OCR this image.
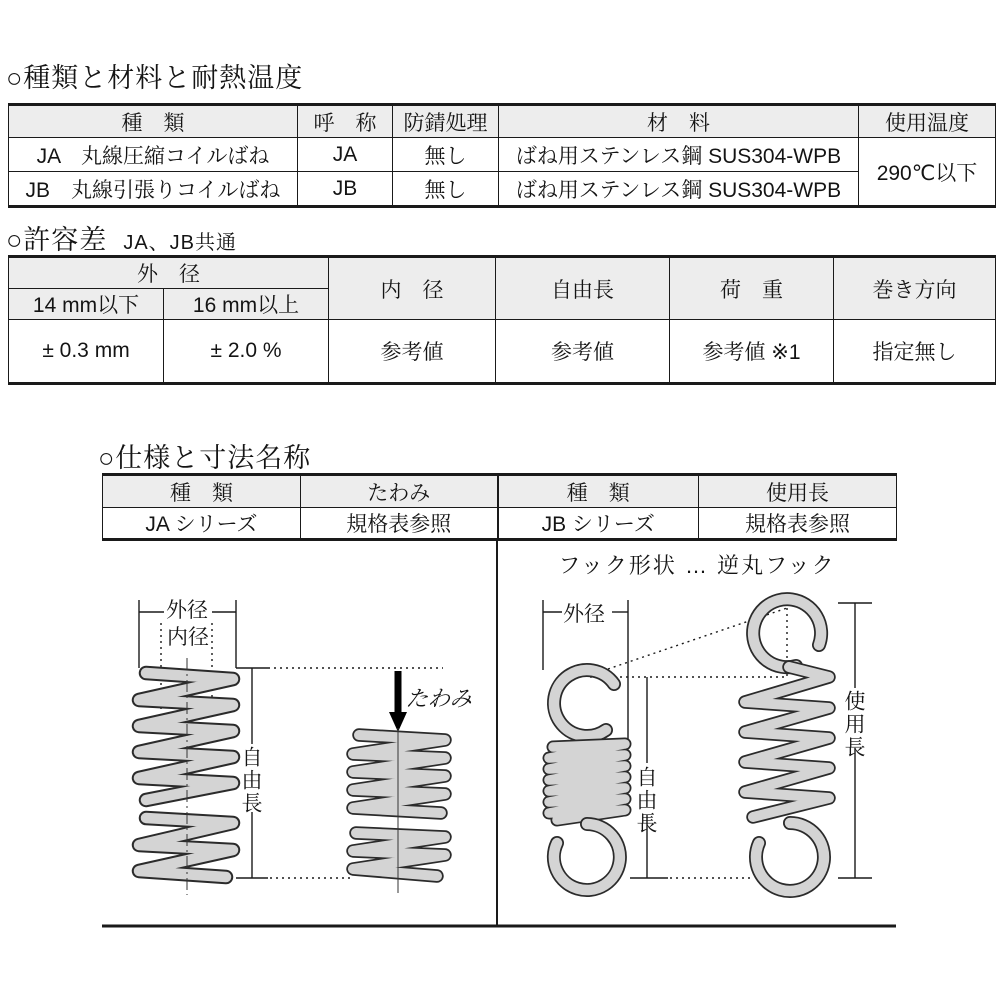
○種類と材料と耐熱温度
種　類	呼　称	防錆処理	材　料	使用温度
JA　丸線圧縮コイルばね	JA	無し	ばね用ステンレス鋼 SUS304-WPB	290℃以下
JB　丸線引張りコイルばね	JB	無し	ばね用ステンレス鋼 SUS304-WPB	
○許容差 JA、JB共通
外　径		内　径	自由長	荷　重	巻き方向
14 mm以下	16 mm以上				
± 0.3 mm	± 2.0 %	参考値	参考値	参考値 ※1	指定無し
○仕様と寸法名称
種　類	たわみ	種　類	使用長
JA シリーズ	規格表参照	JB シリーズ	規格表参照
フック形状 … 逆丸フック
外径
内径
自由長
たわみ
外径
自由長
使用長
